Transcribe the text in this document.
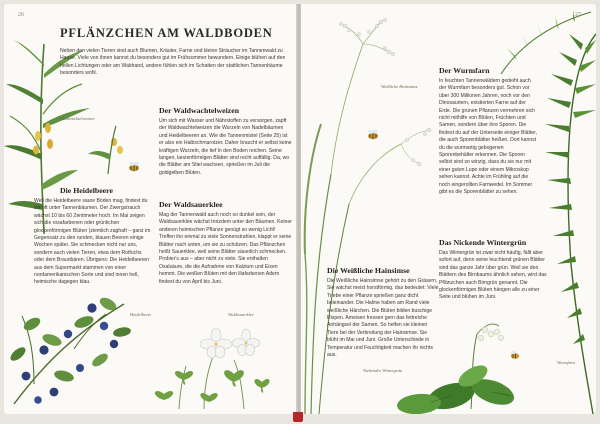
26
PFLÄNZCHEN AM WALDBODEN

Neben den vielen Tieren sind auch Blumen, Kräuter, Farne und kleine Sträucher im Tannenwald zu Hause. Viele von ihnen kannst du besonders gut im Frühsommer bewundern. Einige blühen auf den hellen Lichtungen oder am Waldrand, andere fühlen sich im Schatten der stattlichen Tannenbäume besonders wohl.

Waldwachtelweizen
Der Waldwachtelweizen

Um sich mit Wasser und Nährstoffen zu versorgen, zapft der Waldwachtelweizen die Wurzeln von Nadelbäumen und Heidelbeeren an. Wie die Tannenmistel (Seite 25) ist er also ein Halbschmarotzer. Daher braucht er selbst keine kräftigen Wurzeln, die tief in den Boden reichen. Seine langen, lanzenförmigen Blätter sind recht auffällig. Da, wo die Blätter am Stiel wachsen, sprießen im Juli die goldgelben Blüten.

Der Waldsauerklee

Mag der Tannenwald auch noch so dunkel sein, der Waldsauerklee wächst trotzdem unter den Bäumen. Keiner anderen heimischen Pflanze genügt so wenig Licht! Treffen ihn einmal zu viele Sonnenstrahlen, klappt er seine Blätter nach unten, um sie zu schützen. Das Pflänzchen heißt Sauerklee, weil seine Blätter säuerlich schmecken. Probier's aus – aber nicht zu viele. Sie enthalten Oxalsäure, die die Aufnahme von Kalzium und Eisen hemmt. Die weißen Blüten mit den lilafarbenen Adern findest du von April bis Juni.

Die Heidelbeere

Weil die Heidelbeere saure Böden mag, findest du sie oft unter Tannenbäumen. Der Zwergstrauch wächst 10 bis 60 Zentimeter hoch. Im Mai zeigen sich die rosafarbenen oder grünlichen glockenförmigen Blüten (ziemlich zaghaft – ganz im Gegensatz zu den runden, blauen Beeren einige Wochen später. Sie schmecken nicht nur uns, sondern auch vielen Tieren, etwa dem Rotfuchs oder dem Braunbären. Übrigens: Die Heidelbeeren aus dem Supermarkt stammen von einer nordamerikanischen Sorte und sind innen hell, heimische dagegen blau.

Heidelbeere	Waldsauerklee
27
Weißliche Hainsimse
Der Wurmfarn

In feuchten Tannenwäldern gedeiht auch der Wurmfarn besonders gut. Schon vor über 300 Millionen Jahren, noch vor den Dinosauriern, existierten Farne auf der Erde. Die grünen Pflanzen vermehren sich nicht mithilfe von Blüten, Früchten und Samen, sondern über ihre Sporen. Die findest du auf der Unterseite einiger Blätter, die auch Sporenblätter heißen. Dort kannst du die wurmartig gebogenen Sporenbehälter erkennen. Die Sporen selbst sind so winzig, dass du sie nur mit einer guten Lupe oder einem Mikroskop sehen kannst. Achte im Frühling auf die noch eingerollten Farnwedel. Im Sommer gibt es die Sporenblätter zu sehen.

Das Nickende Wintergrün

Das Wintergrün ist zwar nicht häufig, fällt aber sofort auf, denn seine leuchtend grünen Blätter sind das ganze Jahr über grün. Weil sie den Blättern des Birnbaums ähnlich sehen, wird das Pflänzchen auch Birngrün genannt. Die glockenförmigen Blüten hängen alle zu einer Seite und blühen im Juni.

Die Weißliche Hainsimse

Die Weißliche Hainsimse gehört zu den Gräsern. Sie wächst meist horstförmig, das bedeutet: Viele Triebe einer Pflanze sprießen ganz dicht beieinander. Die Halme haben am Rand viele weißliche Härchen. Die Blüten bilden buschige Rispen. Ameisen fressen gern das fettreiche Anhängsel der Samen. So helfen sie kleinen Tiere bei der Verbreitung der Hainsimse. Sie blüht im Mai und Juni. Große Unterschiede in Temperatur und Feuchtigkeit machen ihr nichts aus.

Nickendes Wintergrün
Wurmfarn
